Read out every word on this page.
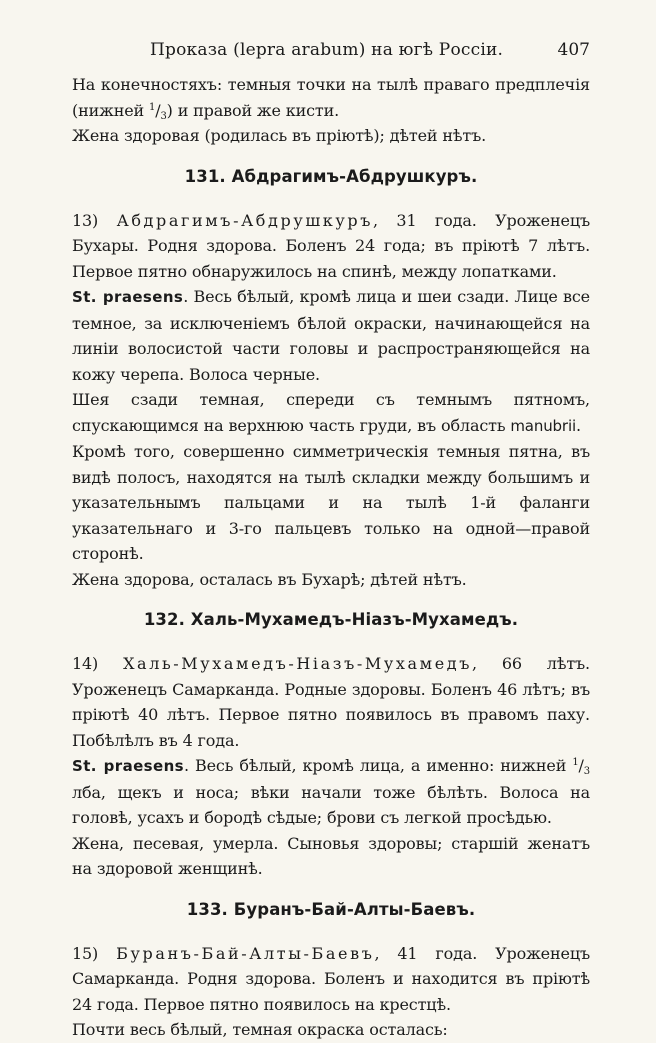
Проказа (lepra arabum) на югѣ Россіи.	407

На конечностяхъ: темныя точки на тылѣ праваго предплечія (нижней $^1/_3$) и правой же кисти.

Жена здоровая (родилась въ пріютѣ); дѣтей нѣтъ.

131. Абдрагимъ-Абдрушкуръ.

13) Абдрагимъ-Абдрушкуръ, 31 года. Уроженецъ Бухары. Родня здорова. Боленъ 24 года; въ пріютѣ 7 лѣтъ. Первое пятно обнаружилось на спинѣ, между лопатками.

St. praesens. Весь бѣлый, кромѣ лица и шеи сзади. Лице все темное, за исключеніемъ бѣлой окраски, начинающейся на линіи волосистой части головы и распространяющейся на кожу черепа. Волоса черные.

Шея сзади темная, спереди съ темнымъ пятномъ, спускающимся на верхнюю часть груди, въ область manubrii.

Кромѣ того, совершенно симметрическія темныя пятна, въ видѣ полосъ, находятся на тылѣ складки между большимъ и указательнымъ пальцами и на тылѣ 1-й фаланги указательнаго и 3-го пальцевъ только на одной—правой сторонѣ.

Жена здорова, осталась въ Бухарѣ; дѣтей нѣтъ.

132. Халь-Мухамедъ-Ніазъ-Мухамедъ.

14) Халь-Мухамедъ-Ніазъ-Мухамедъ, 66 лѣтъ. Уроженецъ Самарканда. Родные здоровы. Боленъ 46 лѣтъ; въ пріютѣ 40 лѣтъ. Первое пятно появилось въ правомъ паху. Побѣлѣлъ въ 4 года.

St. praesens. Весь бѣлый, кромѣ лица, а именно: нижней $^1/_3$ лба, щекъ и носа; вѣки начали тоже бѣлѣть. Волоса на головѣ, усахъ и бородѣ сѣдые; брови съ легкой просѣдью.

Жена, песевая, умерла. Сыновья здоровы; старшій женатъ на здоровой женщинѣ.

133. Буранъ-Бай-Алты-Баевъ.

15) Буранъ-Бай-Алты-Баевъ, 41 года. Уроженецъ Самарканда. Родня здорова. Боленъ и находится въ пріютѣ 24 года. Первое пятно появилось на крестцѣ.

Почти весь бѣлый, темная окраска осталась:
